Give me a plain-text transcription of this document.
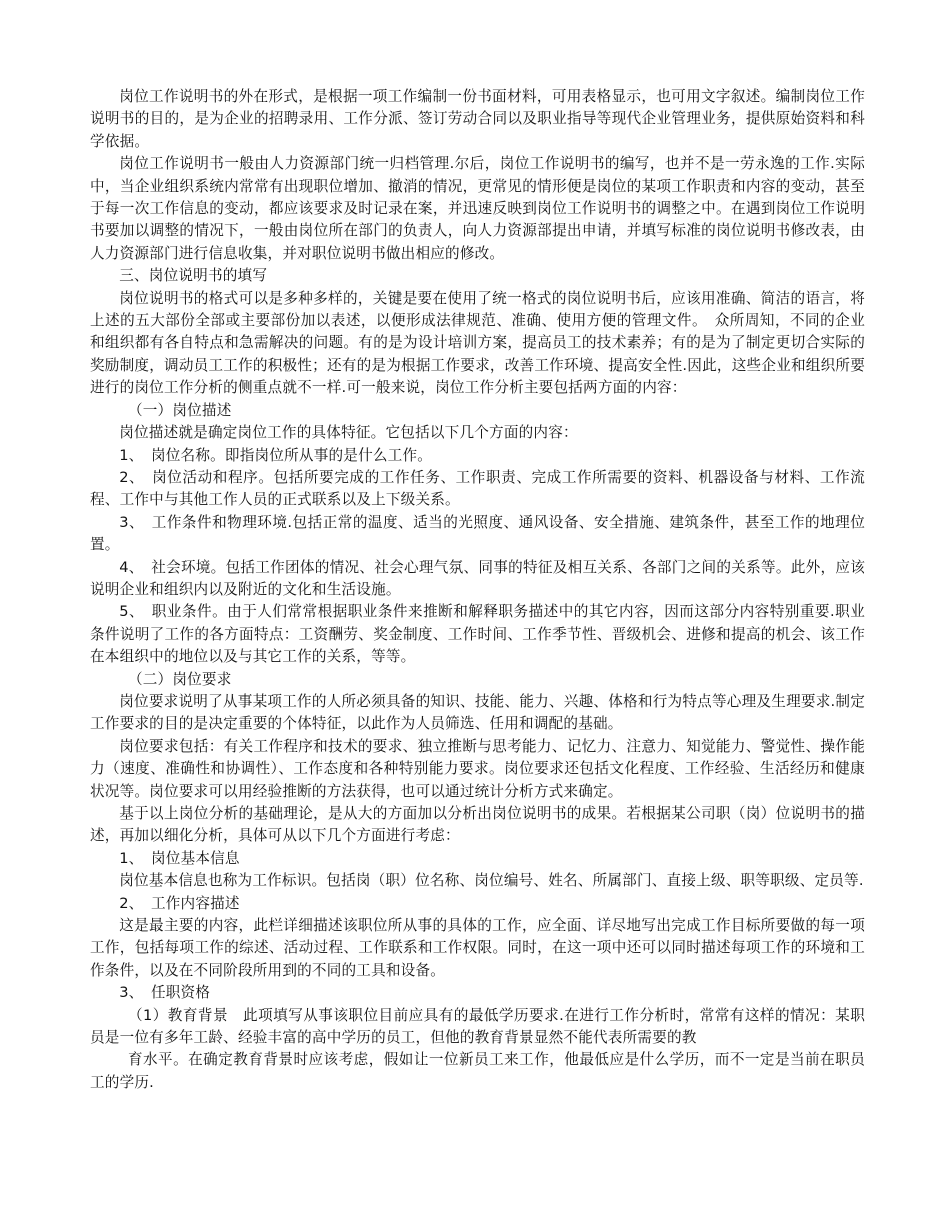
岗位工作说明书的外在形式，是根据一项工作编制一份书面材料，可用表格显示，也可用文字叙述。编制岗位工作说明书的目的，是为企业的招聘录用、工作分派、签订劳动合同以及职业指导等现代企业管理业务，提供原始资料和科学依据。

岗位工作说明书一般由人力资源部门统一归档管理.尔后，岗位工作说明书的编写，也并不是一劳永逸的工作.实际中，当企业组织系统内常常有出现职位增加、撤消的情况，更常见的情形便是岗位的某项工作职责和内容的变动，甚至于每一次工作信息的变动，都应该要求及时记录在案，并迅速反映到岗位工作说明书的调整之中。在遇到岗位工作说明书要加以调整的情况下，一般由岗位所在部门的负责人，向人力资源部提出申请，并填写标准的岗位说明书修改表，由人力资源部门进行信息收集，并对职位说明书做出相应的修改。

三、岗位说明书的填写

岗位说明书的格式可以是多种多样的，关键是要在使用了统一格式的岗位说明书后，应该用准确、简洁的语言，将上述的五大部份全部或主要部份加以表述，以便形成法律规范、准确、使用方便的管理文件。　众所周知，不同的企业和组织都有各自特点和急需解决的问题。有的是为设计培训方案，提高员工的技术素养；有的是为了制定更切合实际的奖励制度，调动员工工作的积极性；还有的是为根据工作要求，改善工作环境、提高安全性.因此，这些企业和组织所要进行的岗位工作分析的侧重点就不一样.可一般来说，岗位工作分析主要包括两方面的内容：

（一）岗位描述

岗位描述就是确定岗位工作的具体特征。它包括以下几个方面的内容：

1、　岗位名称。即指岗位所从事的是什么工作。

2、　岗位活动和程序。包括所要完成的工作任务、工作职责、完成工作所需要的资料、机器设备与材料、工作流程、工作中与其他工作人员的正式联系以及上下级关系。

3、　工作条件和物理环境.包括正常的温度、适当的光照度、通风设备、安全措施、建筑条件，甚至工作的地理位置。

4、　社会环境。包括工作团体的情况、社会心理气氛、同事的特征及相互关系、各部门之间的关系等。此外，应该说明企业和组织内以及附近的文化和生活设施。

5、　职业条件。由于人们常常根据职业条件来推断和解释职务描述中的其它内容，因而这部分内容特别重要.职业条件说明了工作的各方面特点：工资酬劳、奖金制度、工作时间、工作季节性、晋级机会、进修和提高的机会、该工作在本组织中的地位以及与其它工作的关系，等等。

（二）岗位要求

岗位要求说明了从事某项工作的人所必须具备的知识、技能、能力、兴趣、体格和行为特点等心理及生理要求.制定工作要求的目的是决定重要的个体特征，以此作为人员筛选、任用和调配的基础。

岗位要求包括：有关工作程序和技术的要求、独立推断与思考能力、记忆力、注意力、知觉能力、警觉性、操作能力（速度、准确性和协调性）、工作态度和各种特别能力要求。岗位要求还包括文化程度、工作经验、生活经历和健康状况等。岗位要求可以用经验推断的方法获得，也可以通过统计分析方式来确定。

基于以上岗位分析的基础理论，是从大的方面加以分析出岗位说明书的成果。若根据某公司职（岗）位说明书的描述，再加以细化分析，具体可从以下几个方面进行考虑：

1、　岗位基本信息

岗位基本信息也称为工作标识。包括岗（职）位名称、岗位编号、姓名、所属部门、直接上级、职等职级、定员等.

2、　工作内容描述

这是最主要的内容，此栏详细描述该职位所从事的具体的工作，应全面、详尽地写出完成工作目标所要做的每一项工作，包括每项工作的综述、活动过程、工作联系和工作权限。同时，在这一项中还可以同时描述每项工作的环境和工作条件，以及在不同阶段所用到的不同的工具和设备。

3、　任职资格

（1）教育背景　此项填写从事该职位目前应具有的最低学历要求.在进行工作分析时，常常有这样的情况：某职员是一位有多年工龄、经验丰富的高中学历的员工，但他的教育背景显然不能代表所需要的教

育水平。在确定教育背景时应该考虑，假如让一位新员工来工作，他最低应是什么学历，而不一定是当前在职员工的学历.
